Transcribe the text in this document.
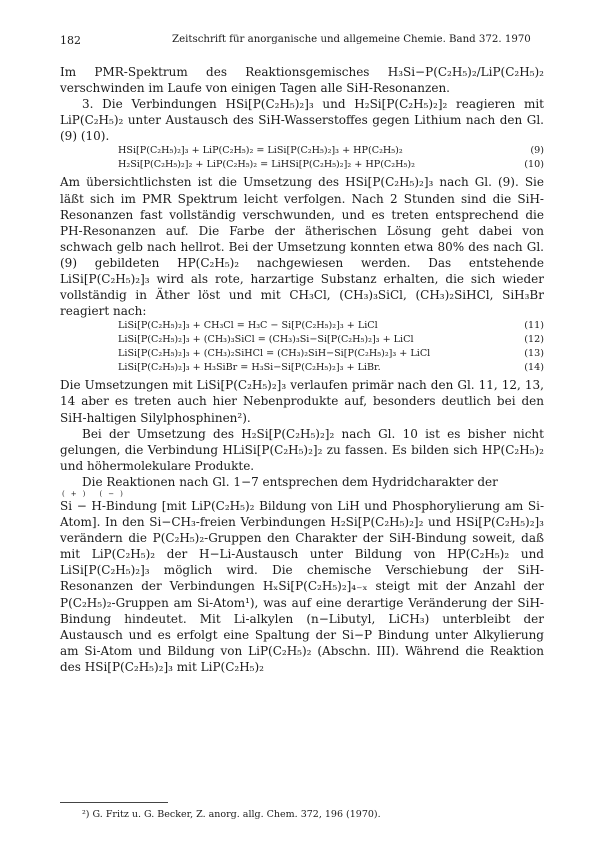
182	Zeitschrift für anorganische und allgemeine Chemie. Band 372. 1970

Im PMR-Spektrum des Reaktionsgemisches H₃Si−P(C₂H₅)₂/LiP(C₂H₅)₂ verschwinden im Laufe von einigen Tagen alle SiH-Resonanzen.

3. Die Verbindungen HSi[P(C₂H₅)₂]₃ und H₂Si[P(C₂H₅)₂]₂ reagieren mit LiP(C₂H₅)₂ unter Austausch des SiH-Wasserstoffes gegen Lithium nach den Gl. (9) (10).

HSi[P(C₂H₅)₂]₃ + LiP(C₂H₅)₂ = LiSi[P(C₂H₅)₂]₃ + HP(C₂H₅)₂	(9)
H₂Si[P(C₂H₅)₂]₂ + LiP(C₂H₅)₂ = LiHSi[P(C₂H₅)₂]₂ + HP(C₂H₅)₂	(10)

Am übersichtlichsten ist die Umsetzung des HSi[P(C₂H₅)₂]₃ nach Gl. (9). Sie läßt sich im PMR Spektrum leicht verfolgen. Nach 2 Stunden sind die SiH-Resonanzen fast vollständig verschwunden, und es treten entsprechend die PH-Resonanzen auf. Die Farbe der ätherischen Lösung geht dabei von schwach gelb nach hellrot. Bei der Umsetzung konnten etwa 80% des nach Gl. (9) gebildeten HP(C₂H₅)₂ nachgewiesen werden. Das entstehende LiSi[P(C₂H₅)₂]₃ wird als rote, harzartige Substanz erhalten, die sich wieder vollständig in Äther löst und mit CH₃Cl, (CH₃)₃SiCl, (CH₃)₂SiHCl, SiH₃Br reagiert nach:

LiSi[P(C₂H₅)₂]₃ + CH₃Cl = H₃C − Si[P(C₂H₅)₂]₃ + LiCl	(11)
LiSi[P(C₂H₅)₂]₃ + (CH₃)₃SiCl = (CH₃)₃Si−Si[P(C₂H₅)₂]₃ + LiCl	(12)
LiSi[P(C₂H₅)₂]₃ + (CH₃)₂SiHCl = (CH₃)₂SiH−Si[P(C₂H₅)₂]₃ + LiCl	(13)
LiSi[P(C₂H₅)₂]₃ + H₃SiBr = H₃Si−Si[P(C₂H₅)₂]₃ + LiBr.	(14)

Die Umsetzungen mit LiSi[P(C₂H₅)₂]₃ verlaufen primär nach den Gl. 11, 12, 13, 14 aber es treten auch hier Nebenprodukte auf, besonders deutlich bei den SiH-haltigen Silylphosphinen²).

Bei der Umsetzung des H₂Si[P(C₂H₅)₂]₂ nach Gl. 10 ist es bisher nicht gelungen, die Verbindung HLiSi[P(C₂H₅)₂]₂ zu fassen. Es bilden sich HP(C₂H₅)₂ und höhermolekulare Produkte.

Die Reaktionen nach Gl. 1−7 entsprechen dem Hydridcharakter der

(+) (−)

Si − H-Bindung [mit LiP(C₂H₅)₂ Bildung von LiH und Phosphorylierung am Si-Atom]. In den Si−CH₃-freien Verbindungen H₂Si[P(C₂H₅)₂]₂ und HSi[P(C₂H₅)₂]₃ verändern die P(C₂H₅)₂-Gruppen den Charakter der SiH-Bindung soweit, daß mit LiP(C₂H₅)₂ der H−Li-Austausch unter Bildung von HP(C₂H₅)₂ und LiSi[P(C₂H₅)₂]₃ möglich wird. Die chemische Verschiebung der SiH-Resonanzen der Verbindungen HₓSi[P(C₂H₅)₂]₄₋ₓ steigt mit der Anzahl der P(C₂H₅)₂-Gruppen am Si-Atom¹), was auf eine derartige Veränderung der SiH-Bindung hindeutet. Mit Li-alkylen (n−Libutyl, LiCH₃) unterbleibt der Austausch und es erfolgt eine Spaltung der Si−P Bindung unter Alkylierung am Si-Atom und Bildung von LiP(C₂H₅)₂ (Abschn. III). Während die Reaktion des HSi[P(C₂H₅)₂]₃ mit LiP(C₂H₅)₂

²) G. Fritz u. G. Becker, Z. anorg. allg. Chem. 372, 196 (1970).
